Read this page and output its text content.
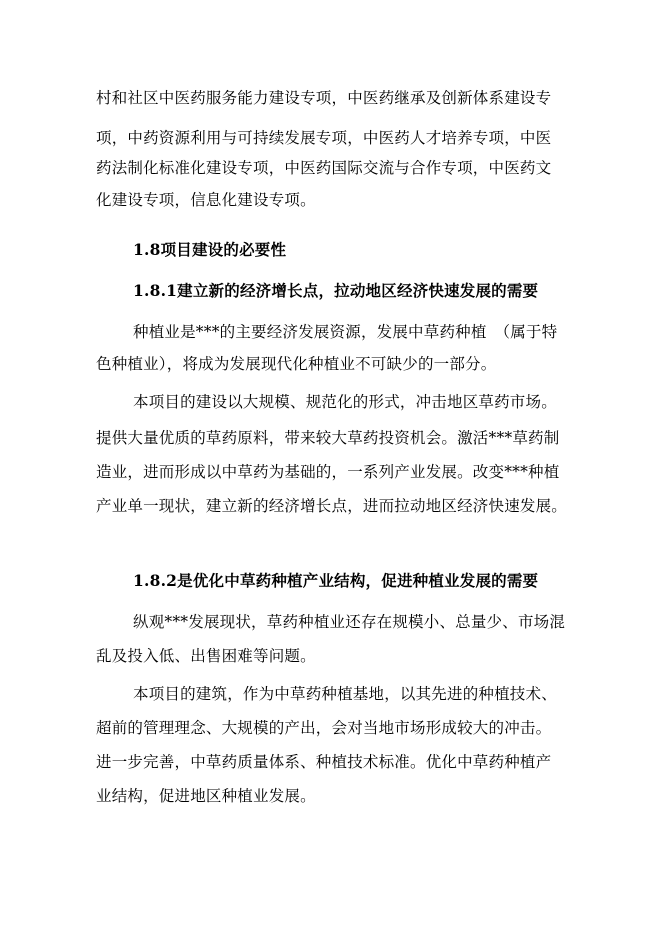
村和社区中医药服务能力建设专项，中医药继承及创新体系建设专
项，中药资源利用与可持续发展专项，中医药人才培养专项，中医
药法制化标准化建设专项，中医药国际交流与合作专项，中医药文
化建设专项，信息化建设专项。
1.8项目建设的必要性
1.8.1建立新的经济增长点，拉动地区经济快速发展的需要
种植业是***的主要经济发展资源，发展中草药种植　（属于特
色种植业），将成为发展现代化种植业不可缺少的一部分。
本项目的建设以大规模、规范化的形式，冲击地区草药市场。
提供大量优质的草药原料，带来较大草药投资机会。激活***草药制
造业，进而形成以中草药为基础的，一系列产业发展。改变***种植
产业单一现状，建立新的经济增长点，进而拉动地区经济快速发展。
1.8.2是优化中草药种植产业结构，促进种植业发展的需要
纵观***发展现状，草药种植业还存在规模小、总量少、市场混
乱及投入低、出售困难等问题。
本项目的建筑，作为中草药种植基地，以其先进的种植技术、
超前的管理理念、大规模的产出，会对当地市场形成较大的冲击。
进一步完善，中草药质量体系、种植技术标准。优化中草药种植产
业结构，促进地区种植业发展。
